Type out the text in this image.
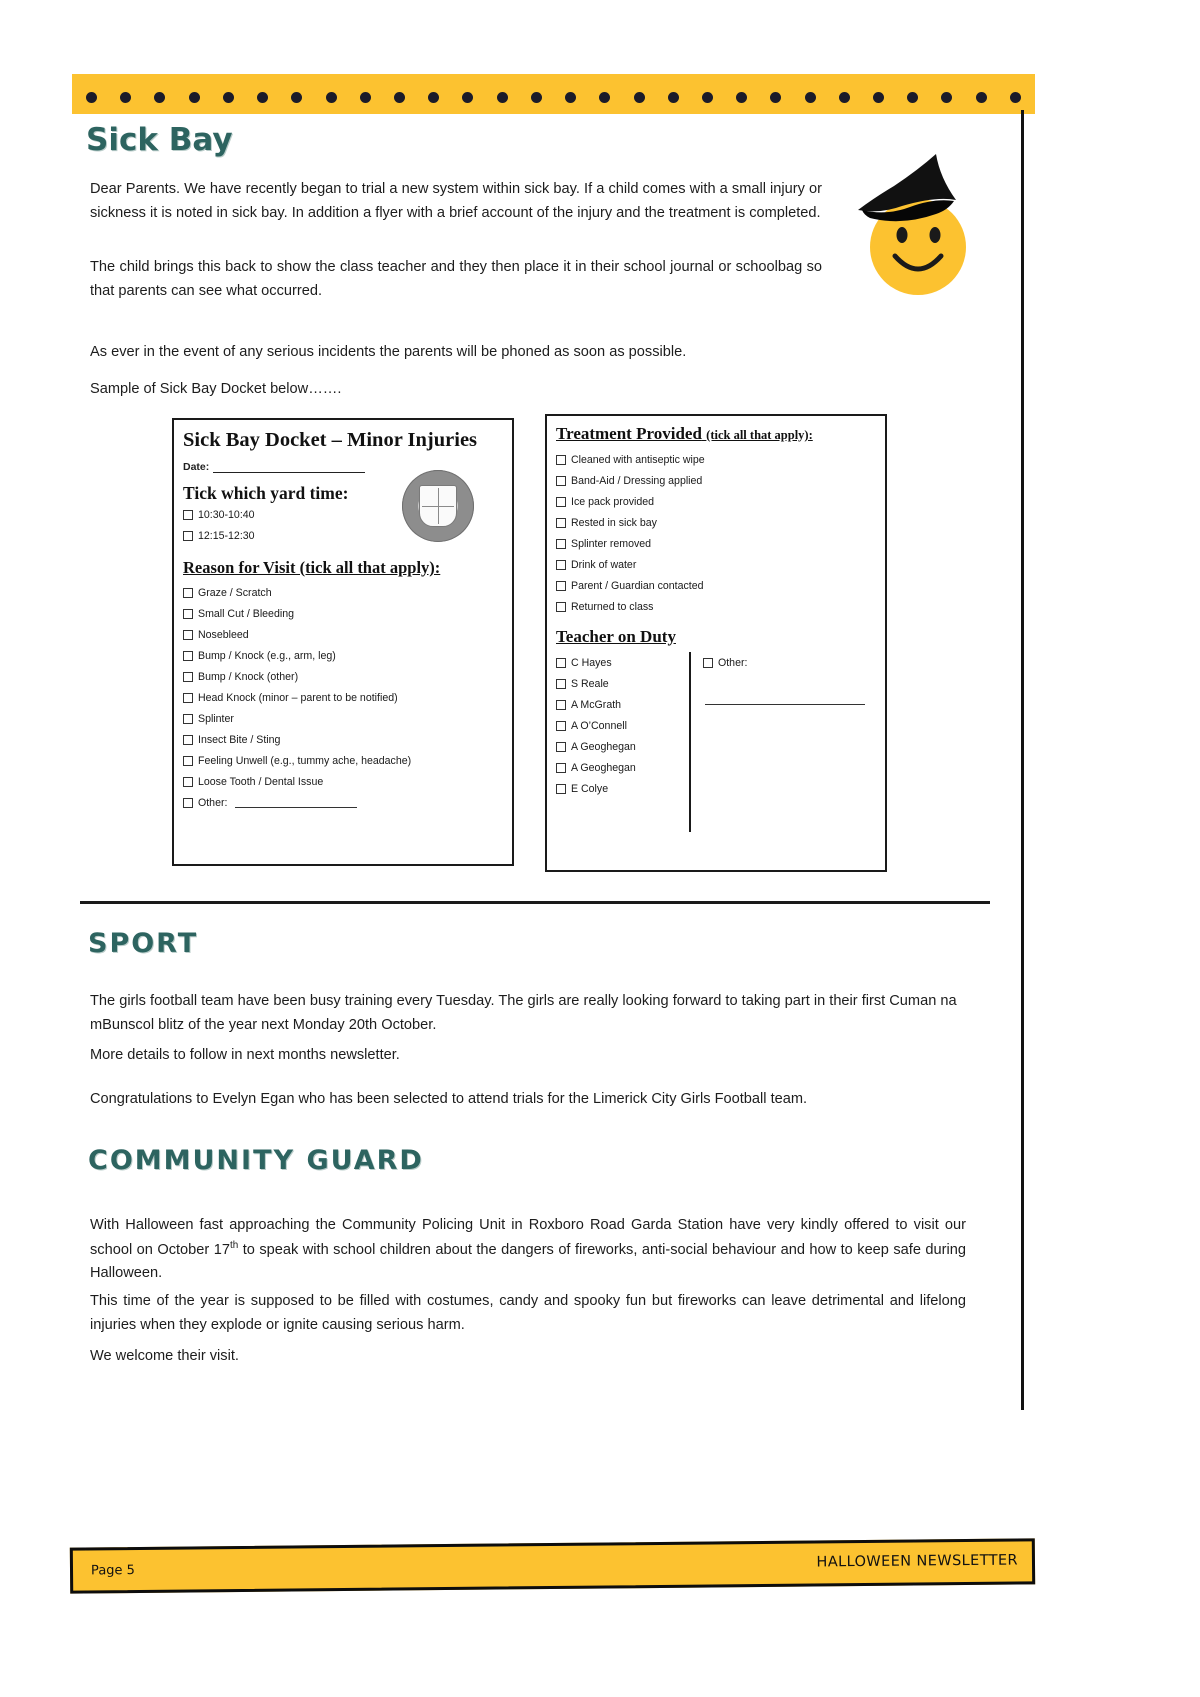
Sick Bay
Dear Parents. We have recently began to trial a new system within sick bay. If a child comes with a small injury or sickness it is noted in sick bay. In addition a flyer with a brief account of the injury and the treatment is completed.
The child brings this back to show the class teacher and they then place it in their school journal or schoolbag so that parents can see what occurred.
As ever in the event of any serious incidents the parents will be phoned as soon as possible.
Sample of Sick Bay Docket below…….
Sick Bay Docket – Minor Injuries
Date:
Tick which yard time:
10:30-10:40
12:15-12:30
Reason for Visit (tick all that apply):
Graze / Scratch
Small Cut / Bleeding
Nosebleed
Bump / Knock (e.g., arm, leg)
Bump / Knock (other)
Head Knock (minor – parent to be notified)
Splinter
Insect Bite / Sting
Feeling Unwell (e.g., tummy ache, headache)
Loose Tooth / Dental Issue
Other:
Treatment Provided (tick all that apply):
Cleaned with antiseptic wipe
Band-Aid / Dressing applied
Ice pack provided
Rested in sick bay
Splinter removed
Drink of water
Parent / Guardian contacted
Returned to class
Teacher on Duty
C Hayes
S Reale
A McGrath
A O’Connell
A Geoghegan
A Geoghegan
E Colye
Other:
SPORT
The girls football team have been busy training every Tuesday. The girls are really looking forward to taking part in their first Cuman na mBunscol blitz of the year next Monday 20th October.
More details to follow in next months newsletter.
Congratulations to Evelyn Egan who has been selected to attend trials for the Limerick City Girls Football team.
COMMUNITY GUARD
With Halloween fast approaching the Community Policing Unit in Roxboro Road Garda Station have very kindly offered to visit our school on October 17th to speak with school children about the dangers of fireworks, anti-social behaviour and how to keep safe during Halloween.
This time of the year is supposed to be filled with costumes, candy and spooky fun but fireworks can leave detrimental and lifelong injuries when they explode or ignite causing serious harm.
We welcome their visit.
Page 5
HALLOWEEN NEWSLETTER
